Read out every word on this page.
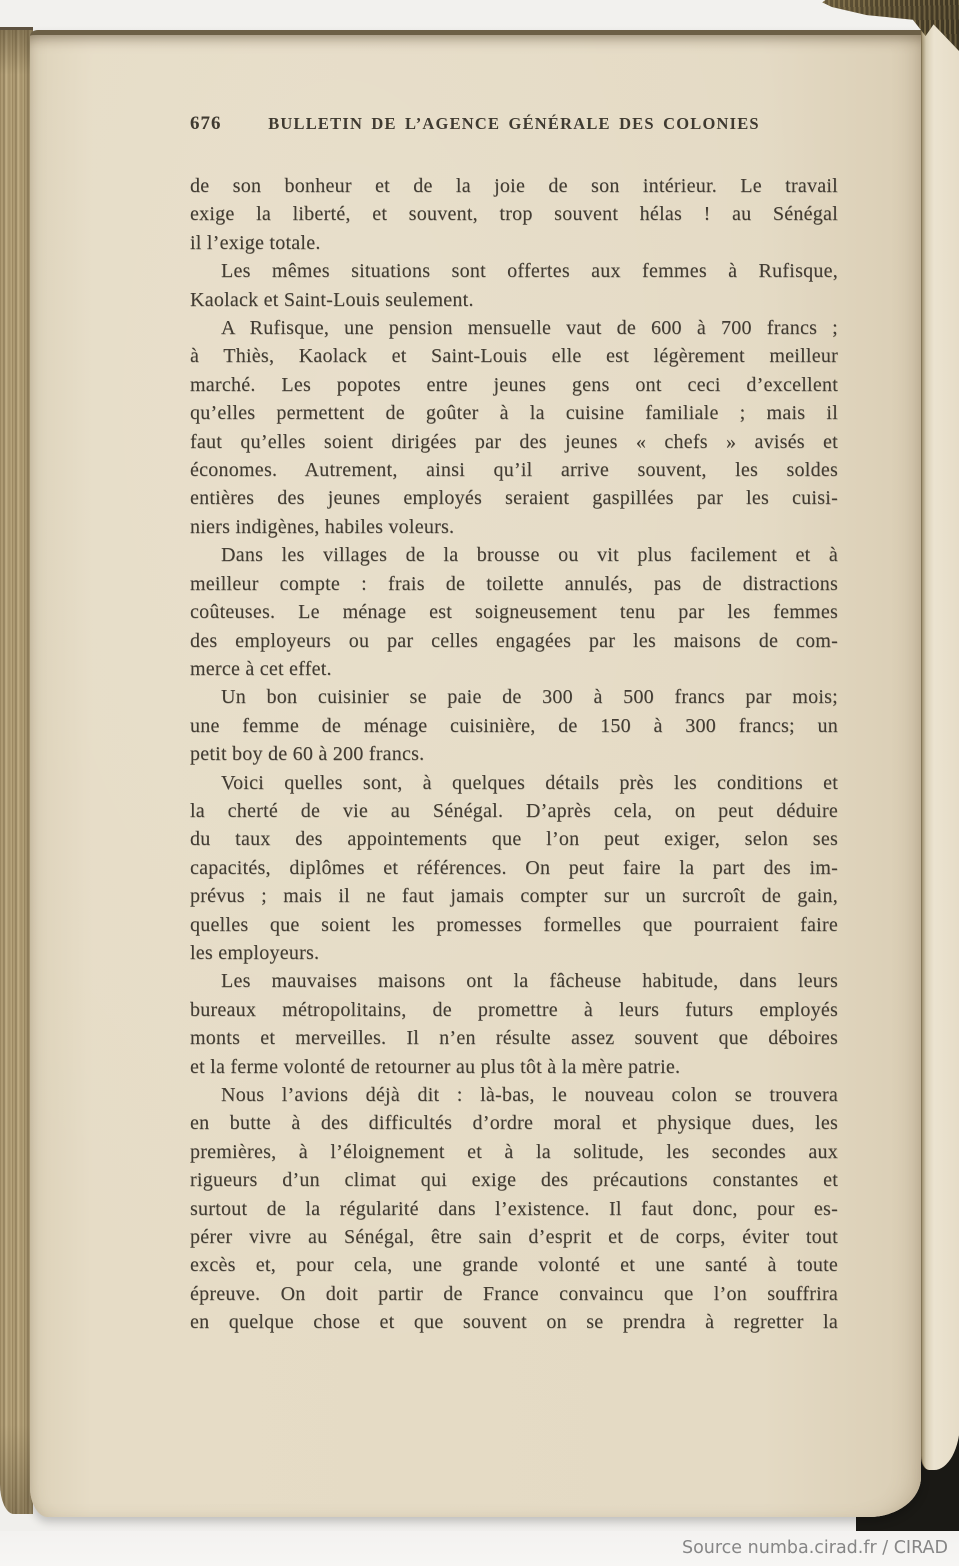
676	BULLETIN DE L’AGENCE GÉNÉRALE DES COLONIES
de son bonheur et de la joie de son intérieur. Le travail
exige la liberté, et souvent, trop souvent hélas ! au Sénégal
il l’exige totale.
Les mêmes situations sont offertes aux femmes à Rufisque,
Kaolack et Saint-Louis seulement.
A Rufisque, une pension mensuelle vaut de 600 à 700 francs ;
à Thiès, Kaolack et Saint-Louis elle est légèrement meilleur
marché. Les popotes entre jeunes gens ont ceci d’excellent
qu’elles permettent de goûter à la cuisine familiale ; mais il
faut qu’elles soient dirigées par des jeunes « chefs » avisés et
économes. Autrement, ainsi qu’il arrive souvent, les soldes
entières des jeunes employés seraient gaspillées par les cuisi-
niers indigènes, habiles voleurs.
Dans les villages de la brousse ou vit plus facilement et à
meilleur compte : frais de toilette annulés, pas de distractions
coûteuses. Le ménage est soigneusement tenu par les femmes
des employeurs ou par celles engagées par les maisons de com-
merce à cet effet.
Un bon cuisinier se paie de 300 à 500 francs par mois;
une femme de ménage cuisinière, de 150 à 300 francs; un
petit boy de 60 à 200 francs.
Voici quelles sont, à quelques détails près les conditions et
la cherté de vie au Sénégal. D’après cela, on peut déduire
du taux des appointements que l’on peut exiger, selon ses
capacités, diplômes et références. On peut faire la part des im-
prévus ; mais il ne faut jamais compter sur un surcroît de gain,
quelles que soient les promesses formelles que pourraient faire
les employeurs.
Les mauvaises maisons ont la fâcheuse habitude, dans leurs
bureaux métropolitains, de promettre à leurs futurs employés
monts et merveilles. Il n’en résulte assez souvent que déboires
et la ferme volonté de retourner au plus tôt à la mère patrie.
Nous l’avions déjà dit : là-bas, le nouveau colon se trouvera
en butte à des difficultés d’ordre moral et physique dues, les
premières, à l’éloignement et à la solitude, les secondes aux
rigueurs d’un climat qui exige des précautions constantes et
surtout de la régularité dans l’existence. Il faut donc, pour es-
pérer vivre au Sénégal, être sain d’esprit et de corps, éviter tout
excès et, pour cela, une grande volonté et une santé à toute
épreuve. On doit partir de France convaincu que l’on souffrira
en quelque chose et que souvent on se prendra à regretter la
Source numba.cirad.fr / CIRAD
